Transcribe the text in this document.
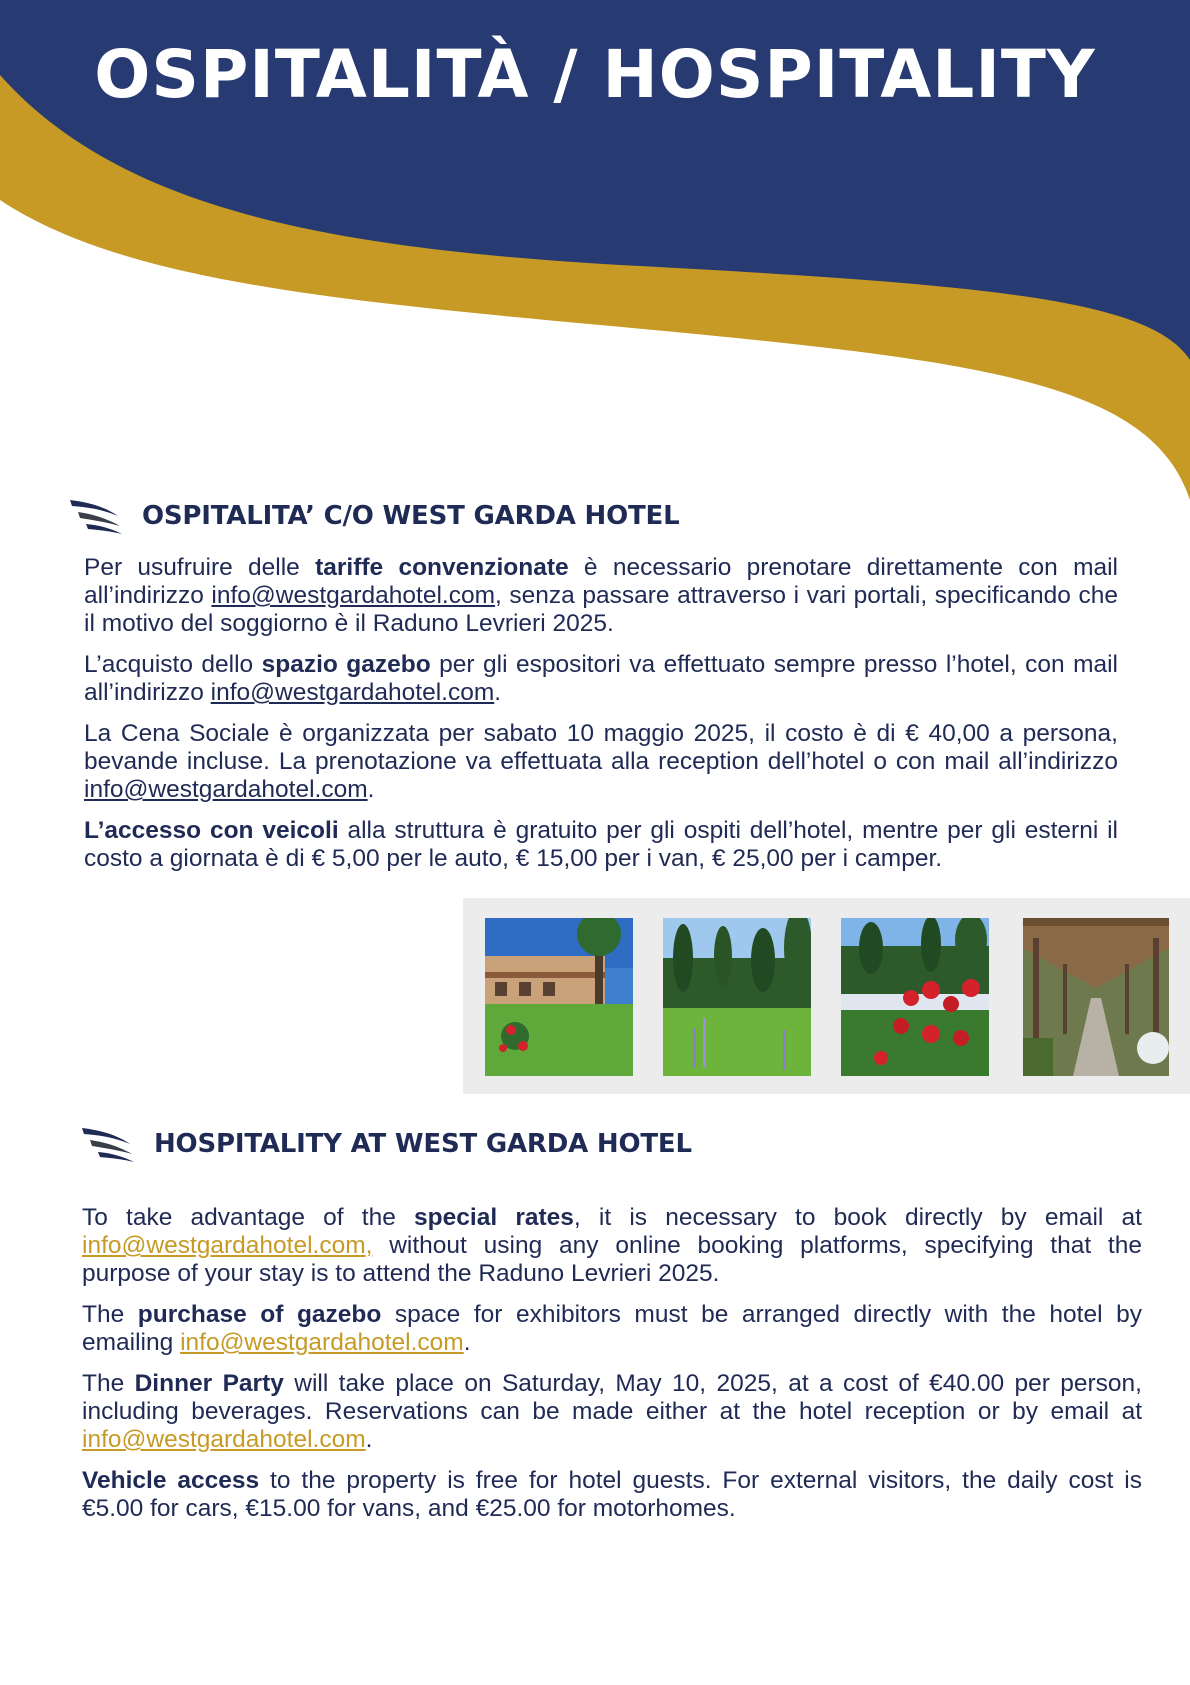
OSPITALITÀ / HOSPITALITY
OSPITALITA’ C/O WEST GARDA HOTEL

Per usufruire delle tariffe convenzionate è necessario prenotare direttamente con mail all’indirizzo info@westgardahotel.com, senza passare attraverso i vari portali, specificando che il motivo del soggiorno è il Raduno Levrieri 2025.

L’acquisto dello spazio gazebo per gli espositori va effettuato sempre presso l’hotel, con mail all’indirizzo info@westgardahotel.com.

La Cena Sociale è organizzata per sabato 10 maggio 2025, il costo è di € 40,00 a persona, bevande incluse. La prenotazione va effettuata alla reception dell’hotel o con mail all’indirizzo info@westgardahotel.com.

L’accesso con veicoli alla struttura è gratuito per gli ospiti dell’hotel, mentre per gli esterni il costo a giornata è di € 5,00 per le auto, € 15,00 per i van, € 25,00 per i camper.

HOSPITALITY AT WEST GARDA HOTEL

To take advantage of the special rates, it is necessary to book directly by email at info@westgardahotel.com, without using any online booking platforms, specifying that the purpose of your stay is to attend the Raduno Levrieri 2025.

The purchase of gazebo space for exhibitors must be arranged directly with the hotel by emailing info@westgardahotel.com.

The Dinner Party will take place on Saturday, May 10, 2025, at a cost of €40.00 per person, including beverages. Reservations can be made either at the hotel reception or by email at info@westgardahotel.com.

Vehicle access to the property is free for hotel guests. For external visitors, the daily cost is €5.00 for cars, €15.00 for vans, and €25.00 for motorhomes.
